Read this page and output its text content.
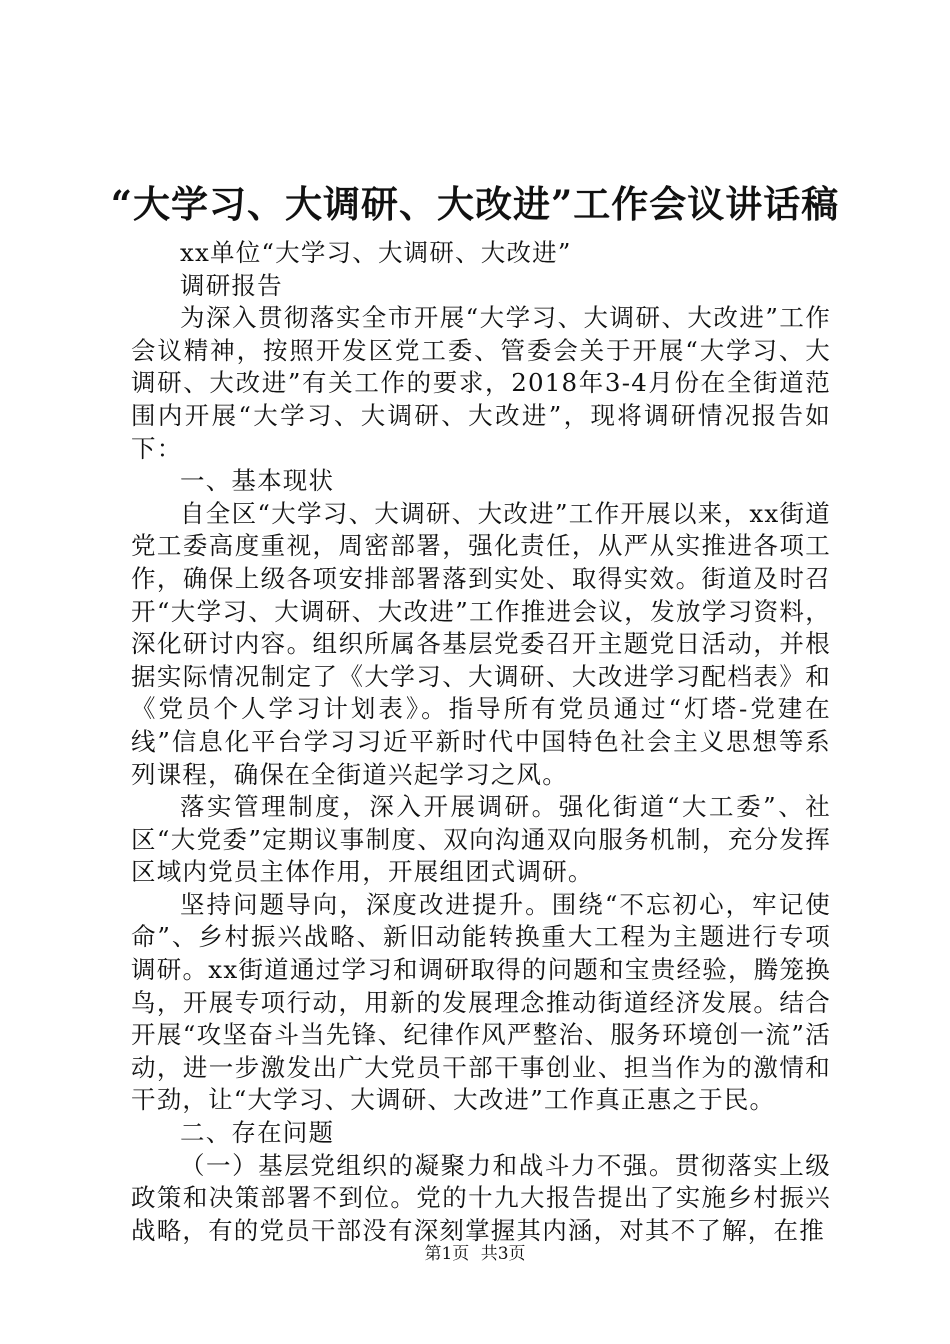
“大学习、大调研、大改进”工作会议讲话稿

xx单位“大学习、大调研、大改进”

调研报告

为深入贯彻落实全市开展“大学习、大调研、大改进”工作会议精神，按照开发区党工委、管委会关于开展“大学习、大调研、大改进”有关工作的要求，2018年3-4月份在全街道范围内开展“大学习、大调研、大改进”，现将调研情况报告如下：

一、基本现状

自全区“大学习、大调研、大改进”工作开展以来，xx街道党工委高度重视，周密部署，强化责任，从严从实推进各项工作，确保上级各项安排部署落到实处、取得实效。街道及时召开“大学习、大调研、大改进”工作推进会议，发放学习资料，深化研讨内容。组织所属各基层党委召开主题党日活动，并根据实际情况制定了《大学习、大调研、大改进学习配档表》和《党员个人学习计划表》。指导所有党员通过“灯塔-党建在线”信息化平台学习习近平新时代中国特色社会主义思想等系列课程，确保在全街道兴起学习之风。

落实管理制度，深入开展调研。强化街道“大工委”、社区“大党委”定期议事制度、双向沟通双向服务机制，充分发挥区域内党员主体作用，开展组团式调研。

坚持问题导向，深度改进提升。围绕“不忘初心，牢记使命”、乡村振兴战略、新旧动能转换重大工程为主题进行专项调研。xx街道通过学习和调研取得的问题和宝贵经验，腾笼换鸟，开展专项行动，用新的发展理念推动街道经济发展。结合开展“攻坚奋斗当先锋、纪律作风严整治、服务环境创一流”活动，进一步激发出广大党员干部干事创业、担当作为的激情和干劲，让“大学习、大调研、大改进”工作真正惠之于民。

二、存在问题

（一）基层党组织的凝聚力和战斗力不强。贯彻落实上级政策和决策部署不到位。党的十九大报告提出了实施乡村振兴战略，有的党员干部没有深刻掌握其内涵，对其不了解，在推

第1页 共3页
